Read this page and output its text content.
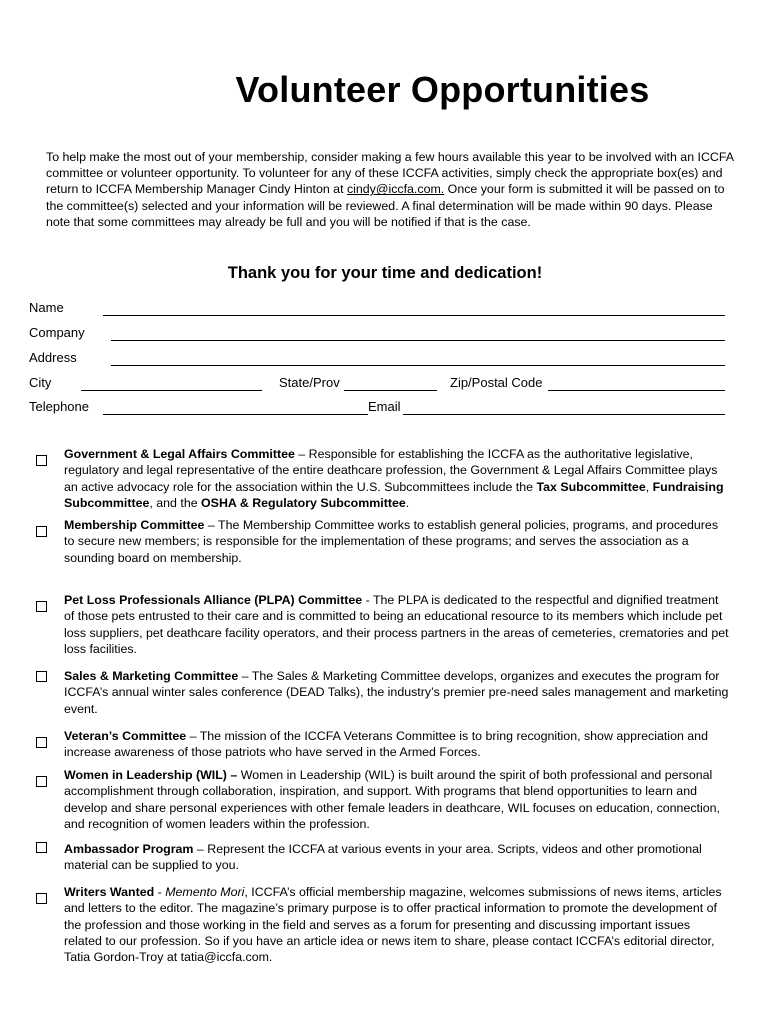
Volunteer Opportunities
To help make the most out of your membership, consider making a few hours available this year to be involved with an ICCFA committee or volunteer opportunity. To volunteer for any of these ICCFA activities, simply check the appropriate box(es) and return to ICCFA Membership Manager Cindy Hinton at cindy@iccfa.com. Once your form is submitted it will be passed on to the committee(s) selected and your information will be reviewed. A final determination will be made within 90 days. Please note that some committees may already be full and you will be notified if that is the case.
Thank you for your time and dedication!
Name
Company
Address
City	State/Prov	Zip/Postal Code
Telephone	Email
Government & Legal Affairs Committee – Responsible for establishing the ICCFA as the authoritative legislative, regulatory and legal representative of the entire deathcare profession, the Government & Legal Affairs Committee plays an active advocacy role for the association within the U.S. Subcommittees include the Tax Subcommittee, Fundraising Subcommittee, and the OSHA & Regulatory Subcommittee.
Membership Committee – The Membership Committee works to establish general policies, programs, and procedures to secure new members; is responsible for the implementation of these programs; and serves the association as a sounding board on membership.
Pet Loss Professionals Alliance (PLPA) Committee - The PLPA is dedicated to the respectful and dignified treatment of those pets entrusted to their care and is committed to being an educational resource to its members which include pet loss suppliers, pet deathcare facility operators, and their process partners in the areas of cemeteries, crematories and pet loss facilities.
Sales & Marketing Committee – The Sales & Marketing Committee develops, organizes and executes the program for ICCFA’s annual winter sales conference (DEAD Talks), the industry’s premier pre-need sales management and marketing event.
Veteran’s Committee – The mission of the ICCFA Veterans Committee is to bring recognition, show appreciation and increase awareness of those patriots who have served in the Armed Forces.
Women in Leadership (WIL) – Women in Leadership (WIL) is built around the spirit of both professional and personal accomplishment through collaboration, inspiration, and support. With programs that blend opportunities to learn and develop and share personal experiences with other female leaders in deathcare, WIL focuses on education, connection, and recognition of women leaders within the profession.
Ambassador Program – Represent the ICCFA at various events in your area. Scripts, videos and other promotional material can be supplied to you.
Writers Wanted - Memento Mori, ICCFA’s official membership magazine, welcomes submissions of news items, articles and letters to the editor. The magazine’s primary purpose is to offer practical information to promote the development of the profession and those working in the field and serves as a forum for presenting and discussing important issues related to our profession. So if you have an article idea or news item to share, please contact ICCFA’s editorial director, Tatia Gordon-Troy at tatia@iccfa.com.
